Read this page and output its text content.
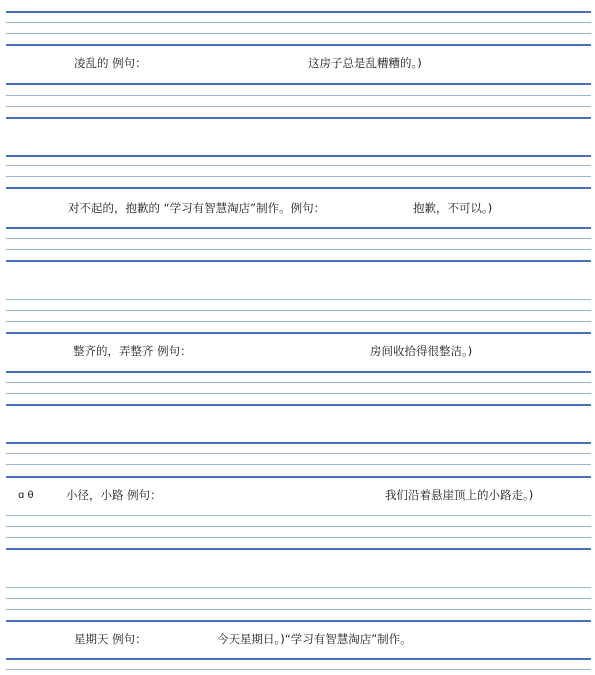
凌乱的 例句：	这房子总是乱糟糟的。)
对不起的，抱歉的 “学习有智慧淘店”制作。例句：	抱歉，不可以。)
整齐的，弄整齐 例句：	房间收拾得很整洁。)
ɑ θ	小径，小路 例句：	我们沿着悬崖顶上的小路走。)
星期天 例句：	今天星期日。)“学习有智慧淘店”制作。
